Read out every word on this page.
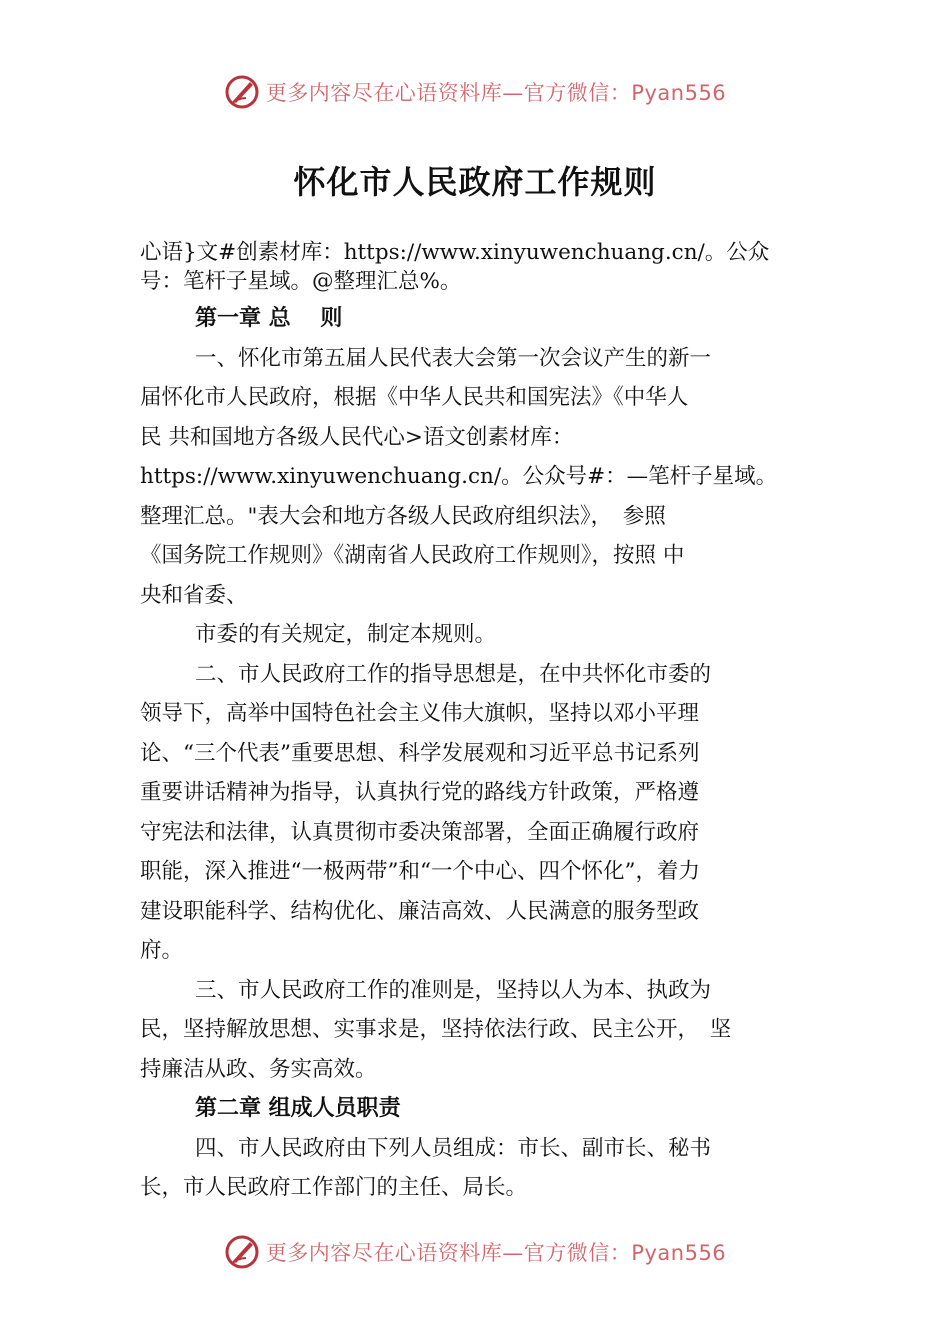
更多内容尽在心语资料库—官方微信：Pyan556
怀化市人民政府工作规则
心语}文#创素材库：https://www.xinyuwenchuang.cn/。公众
号：笔杆子星域。@整理汇总%。
第一章 总　 则
一、怀化市第五届人民代表大会第一次会议产生的新一
届怀化市人民政府，根据《中华人民共和国宪法》《中华人
民 共和国地方各级人民代心>语文创素材库：
https://www.xinyuwenchuang.cn/。公众号#：—笔杆子星域。
整理汇总。"表大会和地方各级人民政府组织法》，　参照
《国务院工作规则》《湖南省人民政府工作规则》，按照 中
央和省委、
市委的有关规定，制定本规则。
二、市人民政府工作的指导思想是，在中共怀化市委的
领导下，高举中国特色社会主义伟大旗帜，坚持以邓小平理
论、“三个代表”重要思想、科学发展观和习近平总书记系列
重要讲话精神为指导，认真执行党的路线方针政策，严格遵
守宪法和法律，认真贯彻市委决策部署，全面正确履行政府
职能，深入推进“一极两带”和“一个中心、四个怀化”，着力
建设职能科学、结构优化、廉洁高效、人民满意的服务型政
府。
三、市人民政府工作的准则是，坚持以人为本、执政为
民，坚持解放思想、实事求是，坚持依法行政、民主公开，　坚
持廉洁从政、务实高效。
第二章 组成人员职责
四、市人民政府由下列人员组成：市长、副市长、秘书
长，市人民政府工作部门的主任、局长。
更多内容尽在心语资料库—官方微信：Pyan556
